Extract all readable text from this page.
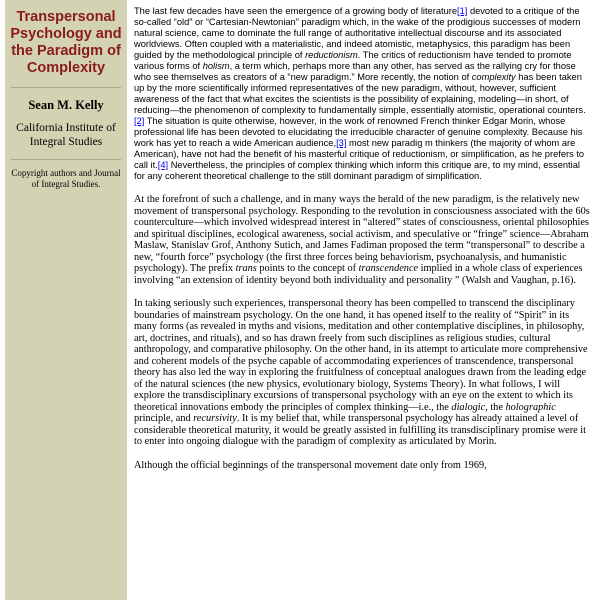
Transpersonal Psychology and the Paradigm of Complexity
Sean M. Kelly
California Institute of Integral Studies
Copyright authors and Journal of Integral Studies.

The last few decades have seen the emergence of a growing body of literature[1] devoted to a critique of the so-called “old” or “Cartesian-Newtonian” paradigm which, in the wake of the prodigious successes of modern natural science, came to dominate the full range of authoritative intellectual discourse and its associated worldviews. Often coupled with a materialistic, and indeed atomistic, metaphysics, this paradigm has been guided by the methodological principle of reductionism. The critics of reductionism have tended to promote various forms of holism, a term which, perhaps more than any other, has served as the rallying cry for those who see themselves as creators of a “new paradigm.” More recently, the notion of complexity has been taken up by the more scientifically informed representatives of the new paradigm, without, however, sufficient awareness of the fact that what excites the scientists is the possibility of explaining, modeling—in short, of reducing—the phenomenon of complexity to fundamentally simple, essentially atomistic, operational counters.[2] The situation is quite otherwise, however, in the work of renowned French thinker Edgar Morin, whose professional life has been devoted to elucidating the irreducible character of genuine complexity. Because his work has yet to reach a wide American audience,[3] most new paradig m thinkers (the majority of whom are American), have not had the benefit of his masterful critique of reductionism, or simplification, as he prefers to call it.[4] Nevertheless, the principles of complex thinking which inform this critique are, to my mind, essential for any coherent theoretical challenge to the still dominant paradigm of simplification.

At the forefront of such a challenge, and in many ways the herald of the new paradigm, is the relatively new movement of transpersonal psychology. Responding to the revolution in consciousness associated with the 60s counterculture—which involved widespread interest in “altered” states of consciousness, oriental philosophies and spiritual disciplines, ecological awareness, social activism, and speculative or “fringe” science—Abraham Maslaw, Stanislav Grof, Anthony Sutich, and James Fadiman proposed the term “transpersonal” to describe a new, “fourth force” psychology (the first three forces being behaviorism, psychoanalysis, and humanistic psychology). The prefix trans points to the concept of transcendence implied in a whole class of experiences involving “an extension of identity beyond both individuality and personality ” (Walsh and Vaughan, p.16).

In taking seriously such experiences, transpersonal theory has been compelled to transcend the disciplinary boundaries of mainstream psychology. On the one hand, it has opened itself to the reality of “Spirit” in its many forms (as revealed in myths and visions, meditation and other contemplative disciplines, in philosophy, art, doctrines, and rituals), and so has drawn freely from such disciplines as religious studies, cultural anthropology, and comparative philosophy. On the other hand, in its attempt to articulate more comprehensive and coherent models of the psyche capable of accommodating experiences of transcendence, transpersonal theory has also led the way in exploring the fruitfulness of conceptual analogues drawn from the leading edge of the natural sciences (the new physics, evolutionary biology, Systems Theory). In what follows, I will explore the transdisciplinary excursions of transpersonal psychology with an eye on the extent to which its theoretical innovations embody the principles of complex thinking—i.e., the dialogic, the holographic principle, and recursivity. It is my belief that, while transpersonal psychology has already attained a level of considerable theoretical maturity, it would be greatly assisted in fulfilling its transdisciplinary promise were it to enter into ongoing dialogue with the paradigm of complexity as articulated by Morin.

Although the official beginnings of the transpersonal movement date only from 1969,
